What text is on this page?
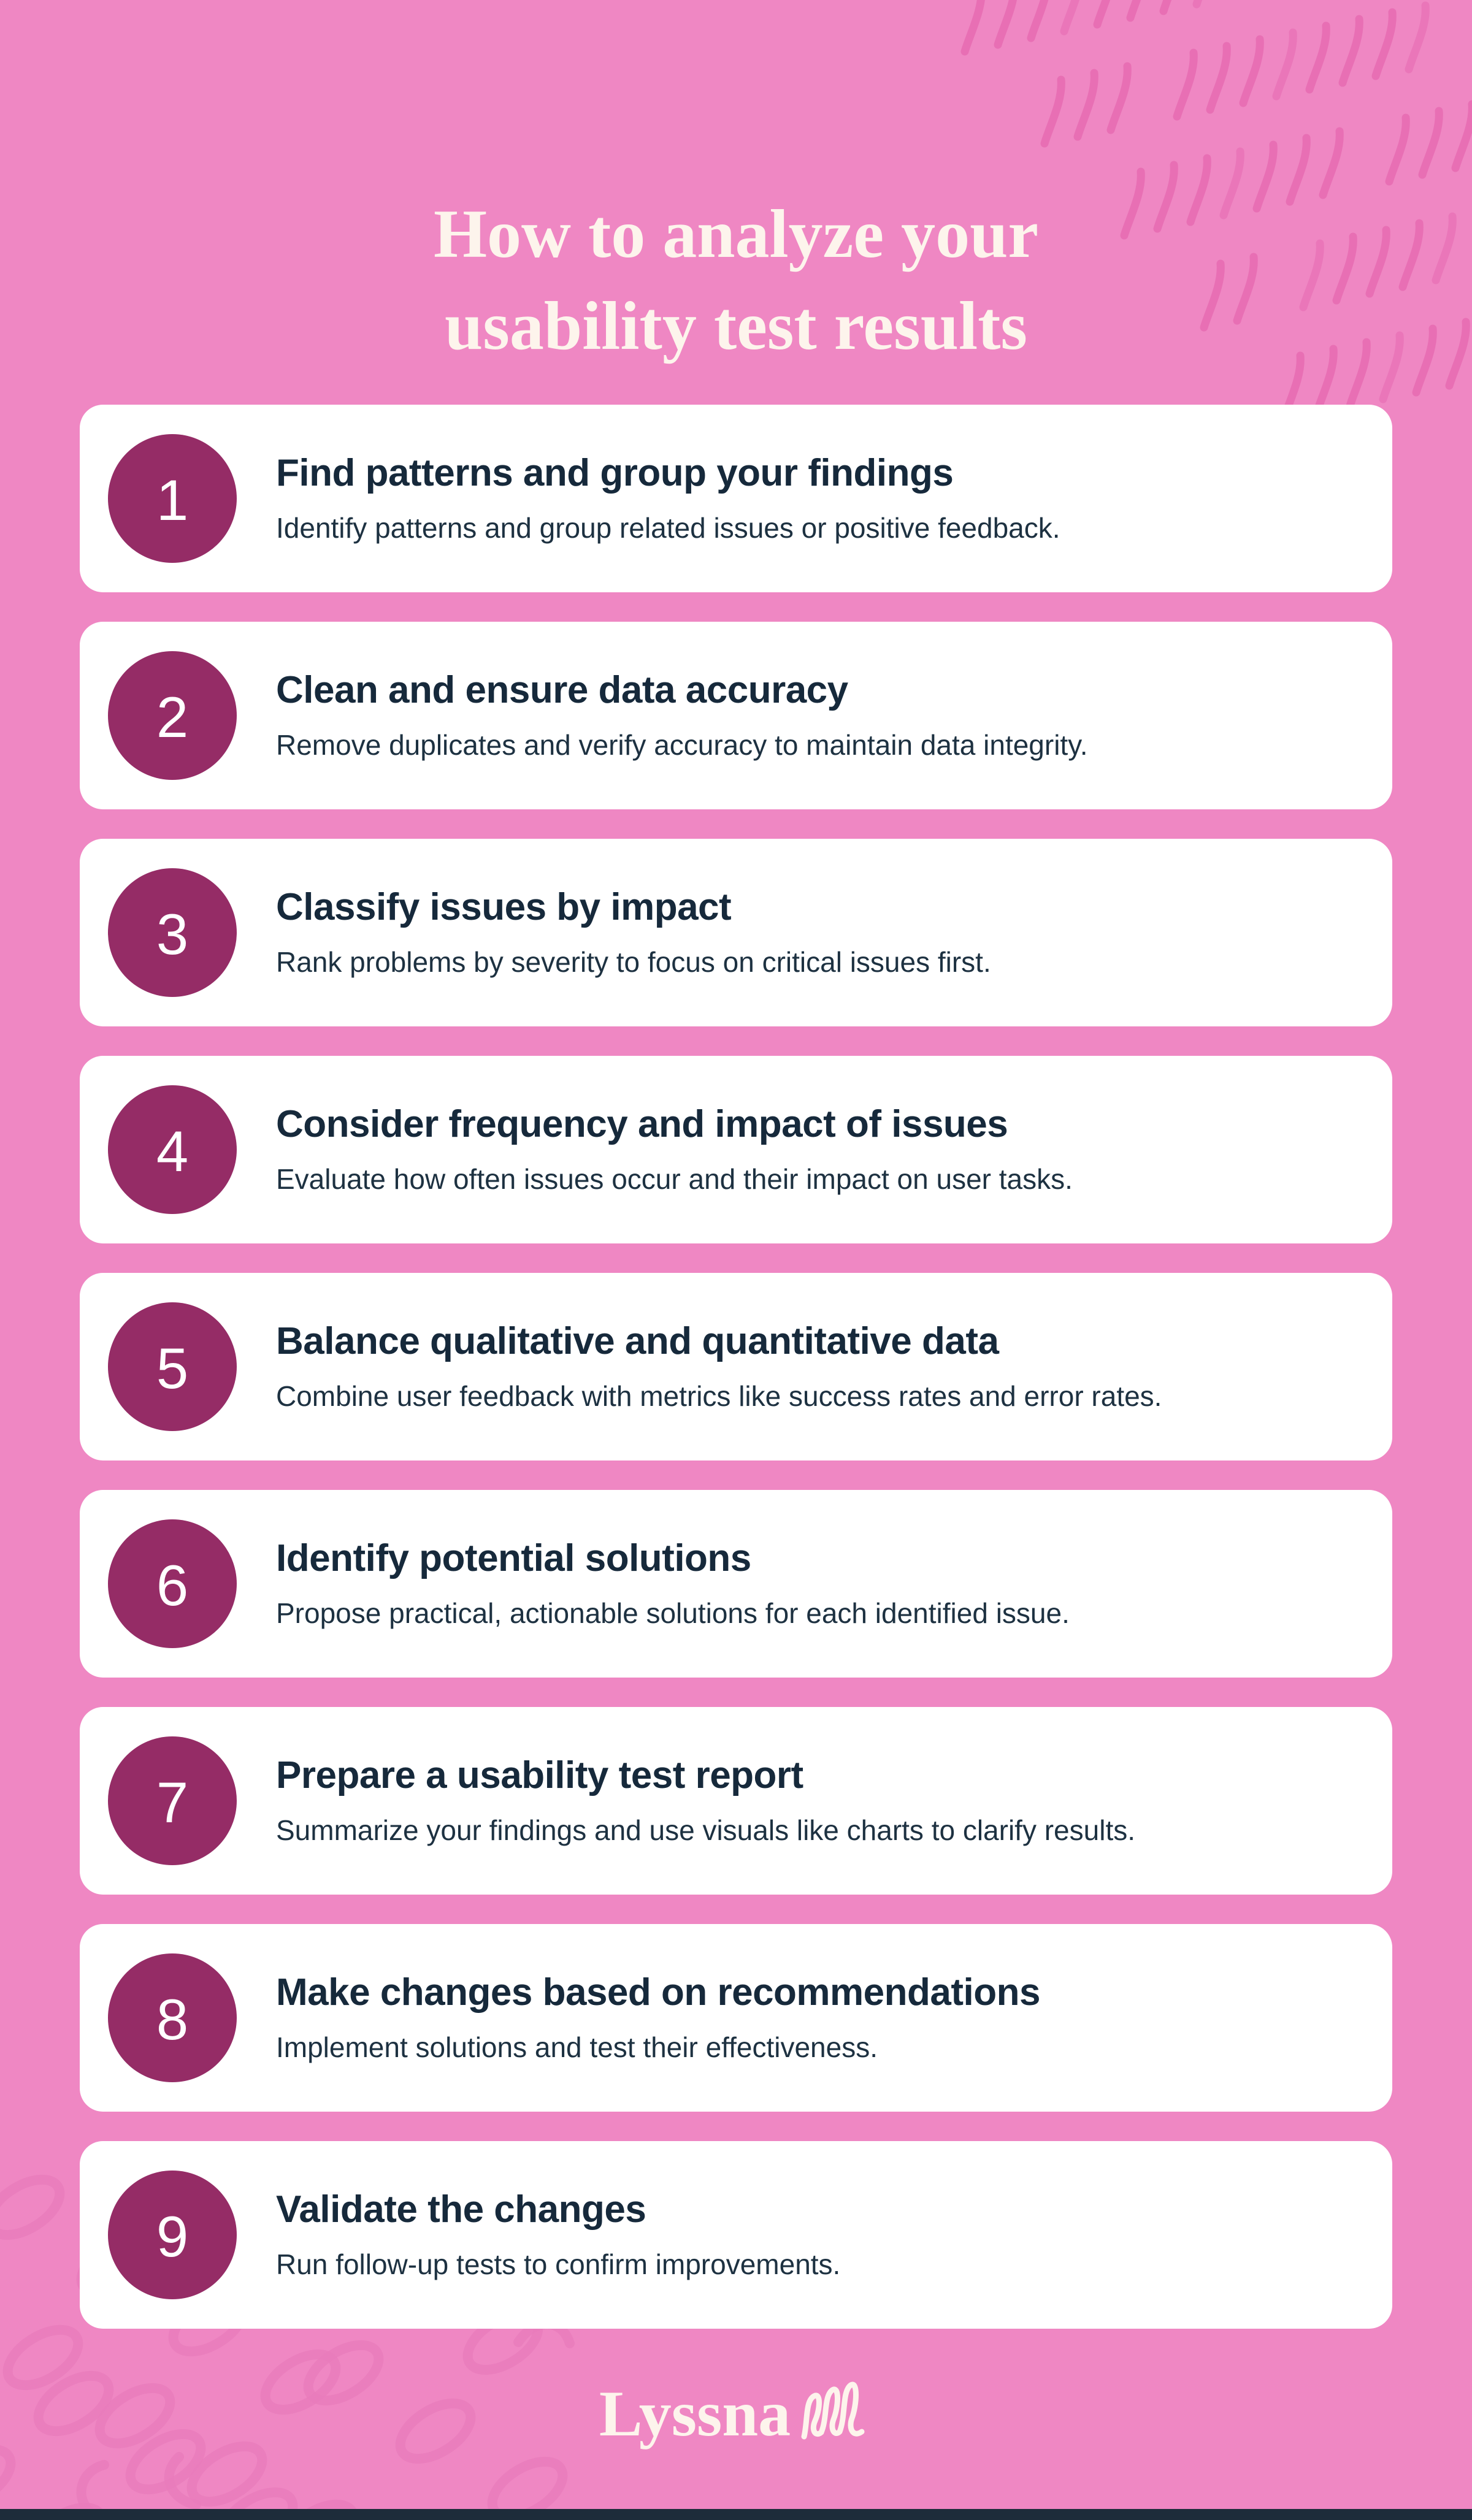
How to analyze your
usability test results
1 Find patterns and group your findings

Identify patterns and group related issues or positive feedback.

2 Clean and ensure data accuracy

Remove duplicates and verify accuracy to maintain data integrity.

3 Classify issues by impact

Rank problems by severity to focus on critical issues first.

4 Consider frequency and impact of issues

Evaluate how often issues occur and their impact on user tasks.

5 Balance qualitative and quantitative data

Combine user feedback with metrics like success rates and error rates.

6 Identify potential solutions

Propose practical, actionable solutions for each identified issue.

7 Prepare a usability test report

Summarize your findings and use visuals like charts to clarify results.

8 Make changes based on recommendations

Implement solutions and test their effectiveness.

9 Validate the changes

Run follow-up tests to confirm improvements.

Lyssna
